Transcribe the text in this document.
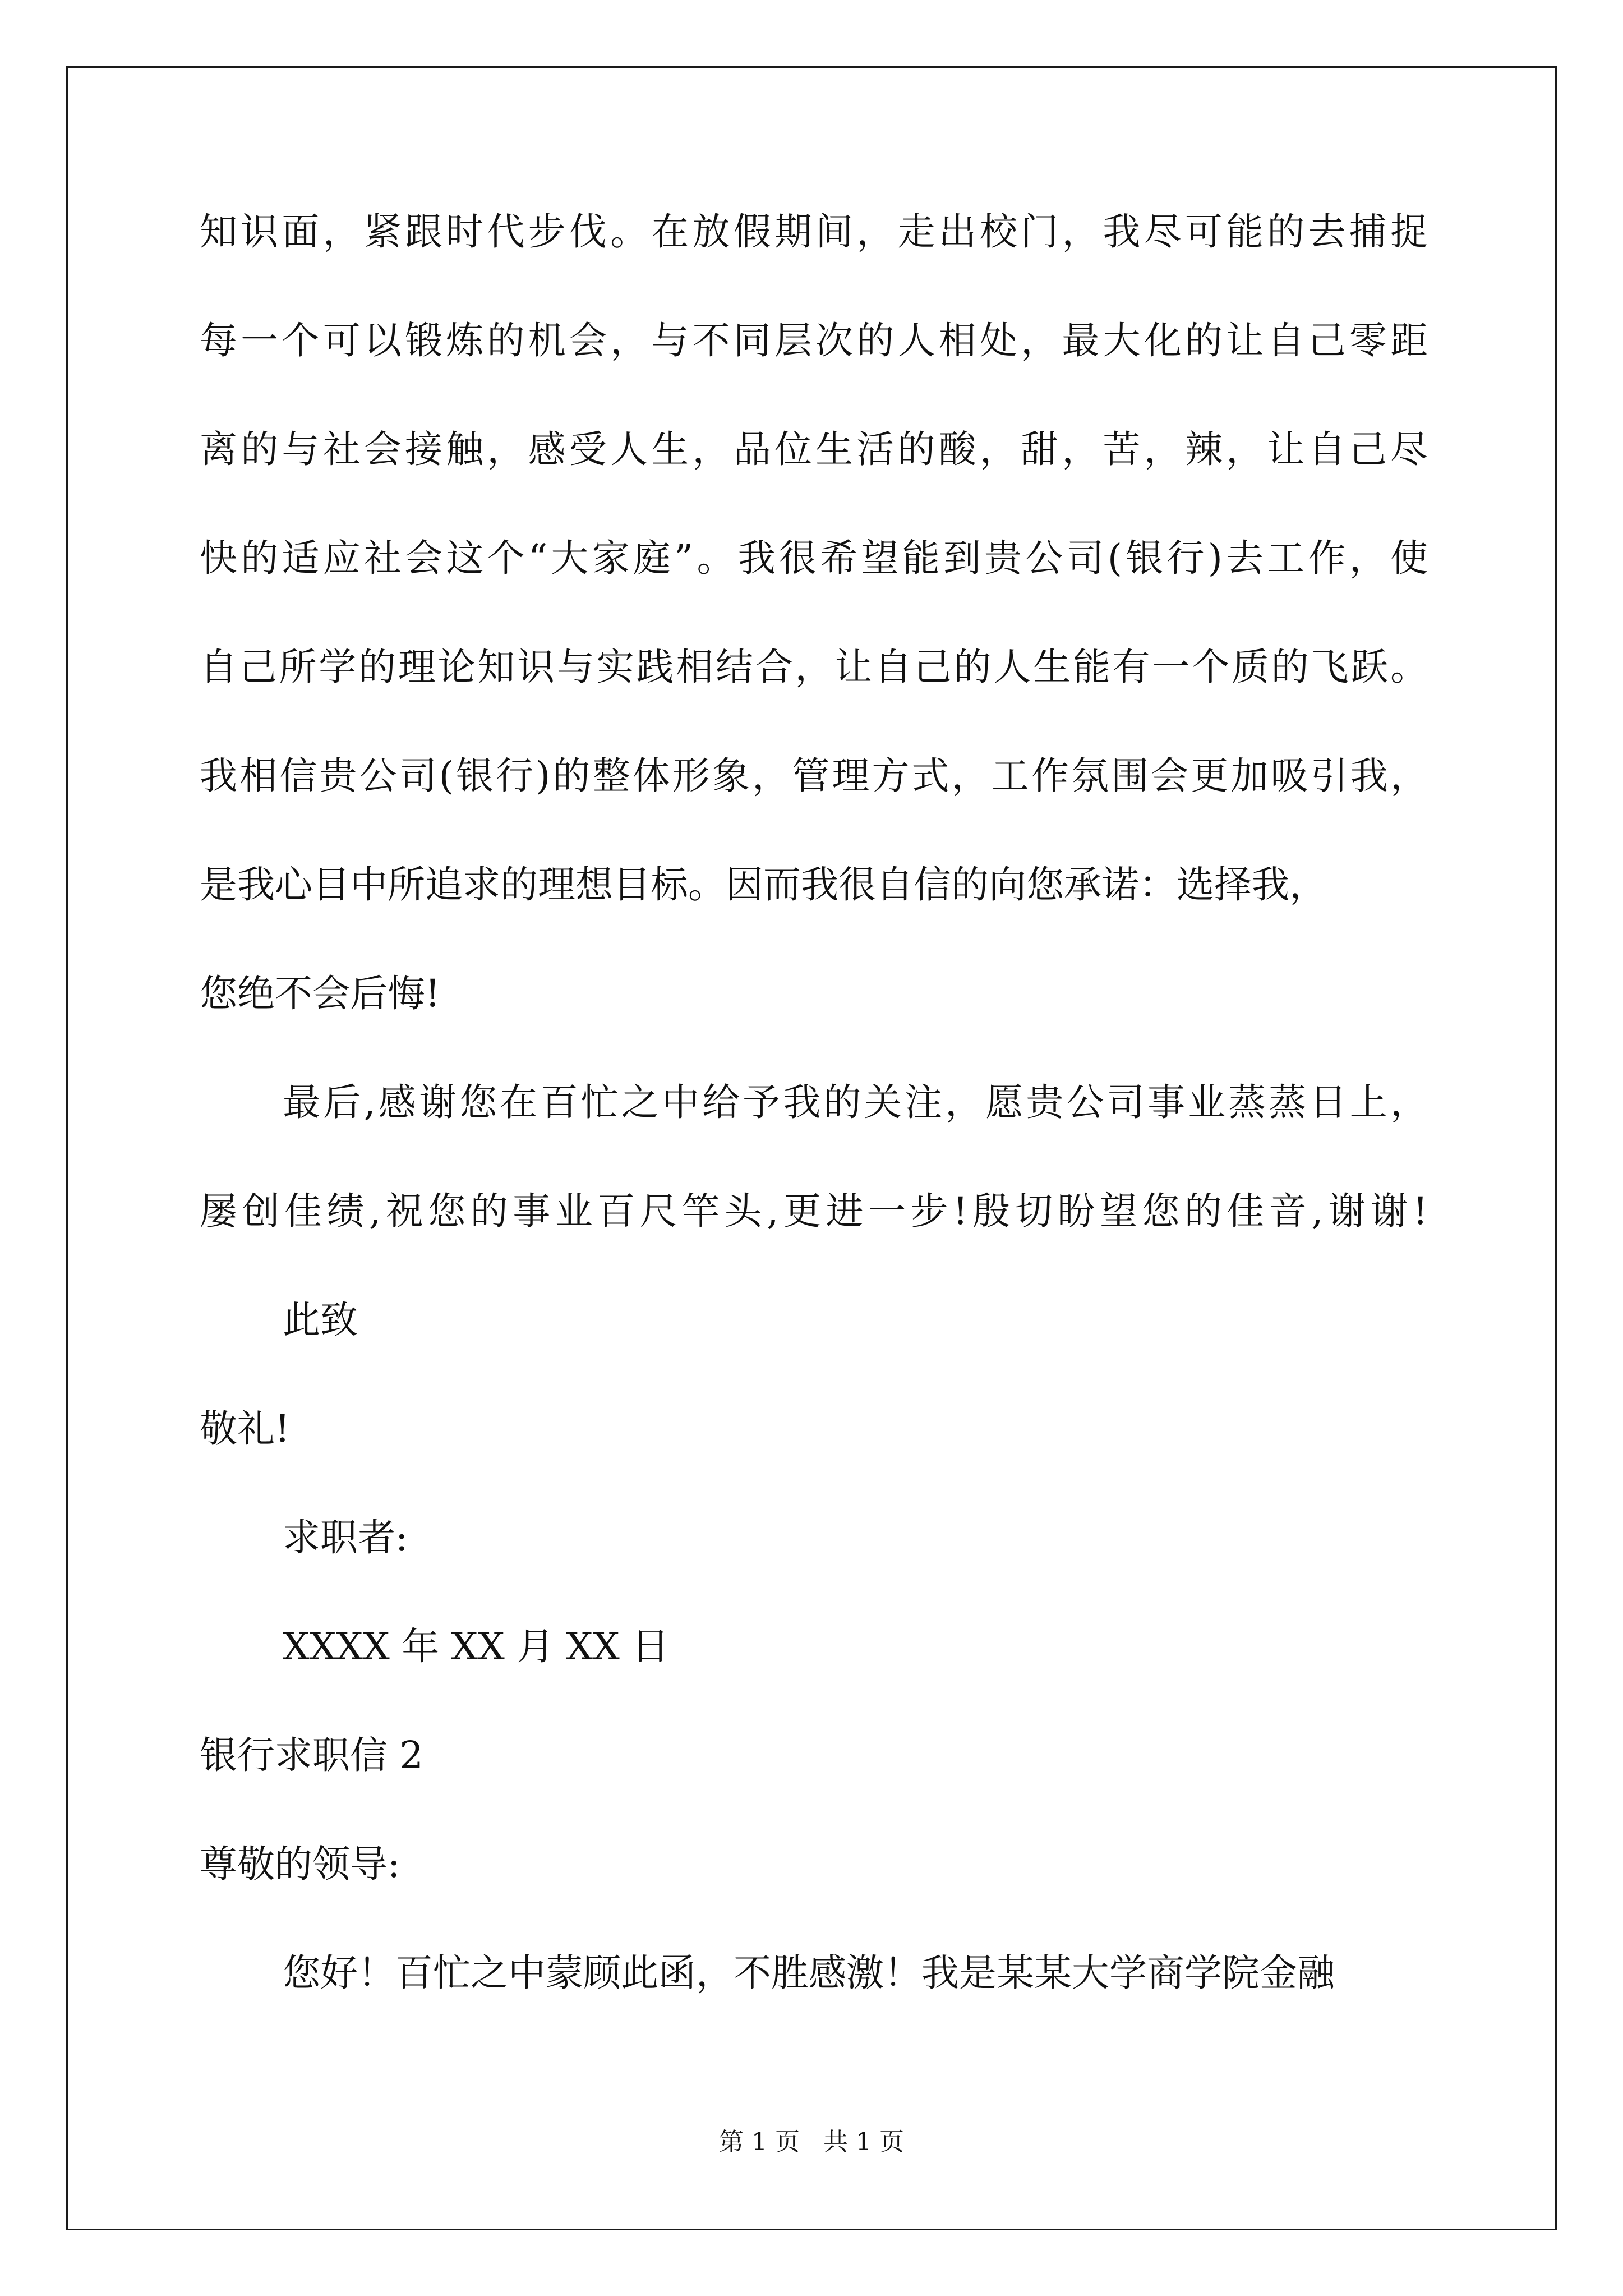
知识面，紧跟时代步伐。在放假期间，走出校门，我尽可能的去捕捉
每一个可以锻炼的机会，与不同层次的人相处，最大化的让自己零距
离的与社会接触，感受人生，品位生活的酸，甜，苦，辣，让自己尽
快的适应社会这个“大家庭”。我很希望能到贵公司(银行)去工作，使
自己所学的理论知识与实践相结合，让自己的人生能有一个质的飞跃。
我相信贵公司(银行)的整体形象，管理方式，工作氛围会更加吸引我，
是我心目中所追求的理想目标。因而我很自信的向您承诺：选择我，
您绝不会后悔!
最后,感谢您在百忙之中给予我的关注，愿贵公司事业蒸蒸日上，
屡创佳绩,祝您的事业百尺竿头,更进一步!殷切盼望您的佳音,谢谢!
此致
敬礼!
求职者:
XXXX 年 XX 月 XX 日
银行求职信 2
尊敬的领导:
您好！百忙之中蒙顾此函，不胜感激！我是某某大学商学院金融
第 1 页   共 1 页
